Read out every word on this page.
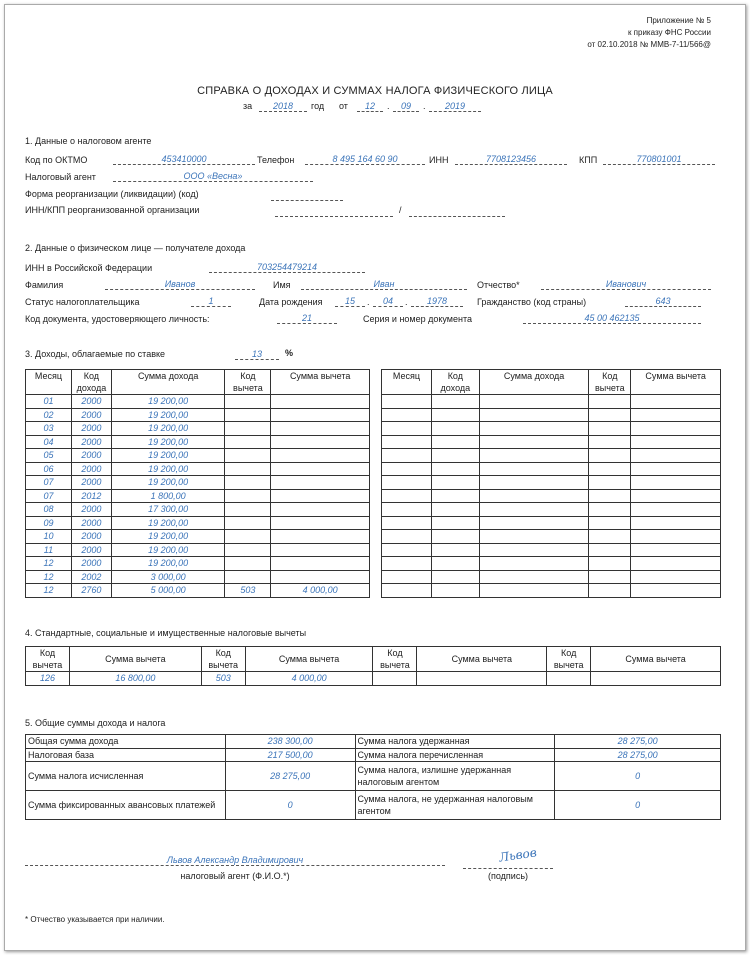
Приложение № 5
к приказу ФНС России
от 02.10.2018 № ММВ-7-11/566@
СПРАВКА О ДОХОДАХ И СУММАХ НАЛОГА ФИЗИЧЕСКОГО ЛИЦА
за	2018	год от	12	.	09	.	2019
1. Данные о налоговом агенте
Код по ОКТМО	453410000	Телефон	8 495 164 60 90	ИНН	7708123456	КПП	770801001
Налоговый агент	ООО «Весна»
Форма реорганизации (ликвидации) (код)
ИНН/КПП реорганизованной организации	/
2. Данные о физическом лице — получателе дохода
ИНН в Российской Федерации	703254479214
Фамилия	Иванов	Имя	Иван	Отчество*	Иванович
Статус налогоплательщика	1	Дата рождения	15	.	04	.	1978	Гражданство (код страны)	643
Код документа, удостоверяющего личность:	21	Серия и номер документа	45 00 462135
3. Доходы, облагаемые по ставке	13	%
Месяц	Код дохода	Сумма дохода	Код вычета	Сумма вычета
01	2000	19 200,00		
02	2000	19 200,00		
03	2000	19 200,00		
04	2000	19 200,00		
05	2000	19 200,00		
06	2000	19 200,00		
07	2000	19 200,00		
07	2012	1 800,00		
08	2000	17 300,00		
09	2000	19 200,00		
10	2000	19 200,00		
11	2000	19 200,00		
12	2000	19 200,00		
12	2002	3 000,00		
12	2760	5 000,00	503	4 000,00
Месяц	Код дохода	Сумма дохода	Код вычета	Сумма вычета

4. Стандартные, социальные и имущественные налоговые вычеты
Код вычета	Сумма вычета	Код вычета	Сумма вычета	Код вычета	Сумма вычета	Код вычета	Сумма вычета
126	16 800,00	503	4 000,00				
5. Общие суммы дохода и налога
Общая сумма дохода	238 300,00	Сумма налога удержанная	28 275,00
Налоговая база	217 500,00	Сумма налога перечисленная	28 275,00
Сумма налога исчисленная	28 275,00	Сумма налога, излишне удержанная налоговым агентом	0
Сумма фиксированных авансовых платежей	0	Сумма налога, не удержанная налоговым агентом	0
Львов Александр Владимирович
налоговый агент (Ф.И.О.*)
Львов
(подпись)
* Отчество указывается при наличии.
